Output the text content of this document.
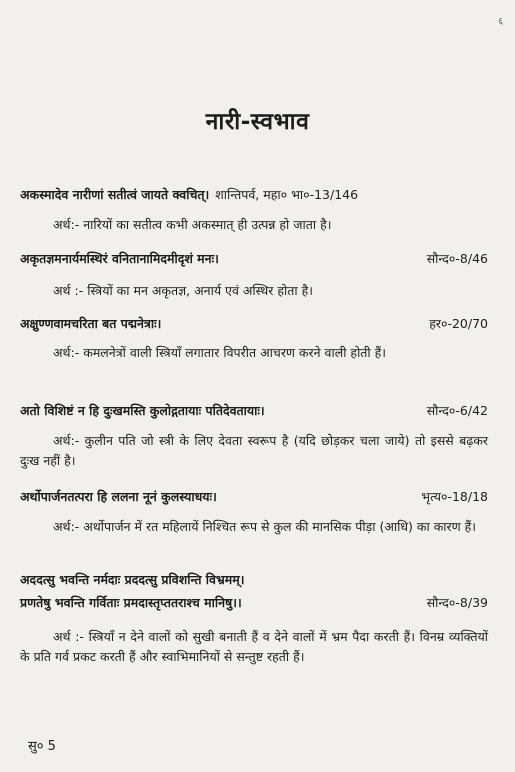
६
नारी-स्वभाव
अकस्मादेव नारीणां सतीत्वं जायते क्वचित्। शान्तिपर्व, महा० भा०-13/146
अर्थ:- नारियों का सतीत्व कभी अकस्मात् ही उत्पन्न हो जाता है।
अकृतज्ञमनार्यमस्थिरं वनितानामिदमीदृशं मनः।	सौन्द०-8/46
अर्थ :- स्त्रियों का मन अकृतज्ञ, अनार्य एवं अस्थिर होता है।
अक्षुण्णवामचरिता बत पद्मनेत्राः।	हर०-20/70
अर्थ:- कमलनेत्रों वाली स्त्रियाँ लगातार विपरीत आचरण करने वाली होती हैं।
अतो विशिष्टं न हि दुःखमस्ति कुलोद्गतायाः पतिदेवतायाः।	सौन्द०-6/42
अर्थ:- कुलीन पति जो स्त्री के लिए देवता स्वरूप है (यदि छोड़कर चला जाये) तो इससे बढ़कर दुःख नहीं है।
अर्थोपार्जनतत्परा हि ललना नूनं कुलस्याधयः।	भृत्य०-18/18
अर्थ:- अर्थोपार्जन में रत महिलायें निश्चित रूप से कुल की मानसिक पीड़ा (आधि) का कारण हैं।
अददत्सु भवन्ति नर्मदाः प्रददत्सु प्रविशन्ति विभ्रमम्।
प्रणतेषु भवन्ति गर्विताः प्रमदास्तृप्ततराश्च मानिषु।।	सौन्द०-8/39
अर्थ :- स्त्रियाँ न देने वालों को सुखी बनाती हैं व देने वालों में भ्रम पैदा करती हैं। विनम्र व्यक्तियों के प्रति गर्व प्रकट करती हैं और स्वाभिमानियों से सन्तुष्ट रहती हैं।
सु० 5
